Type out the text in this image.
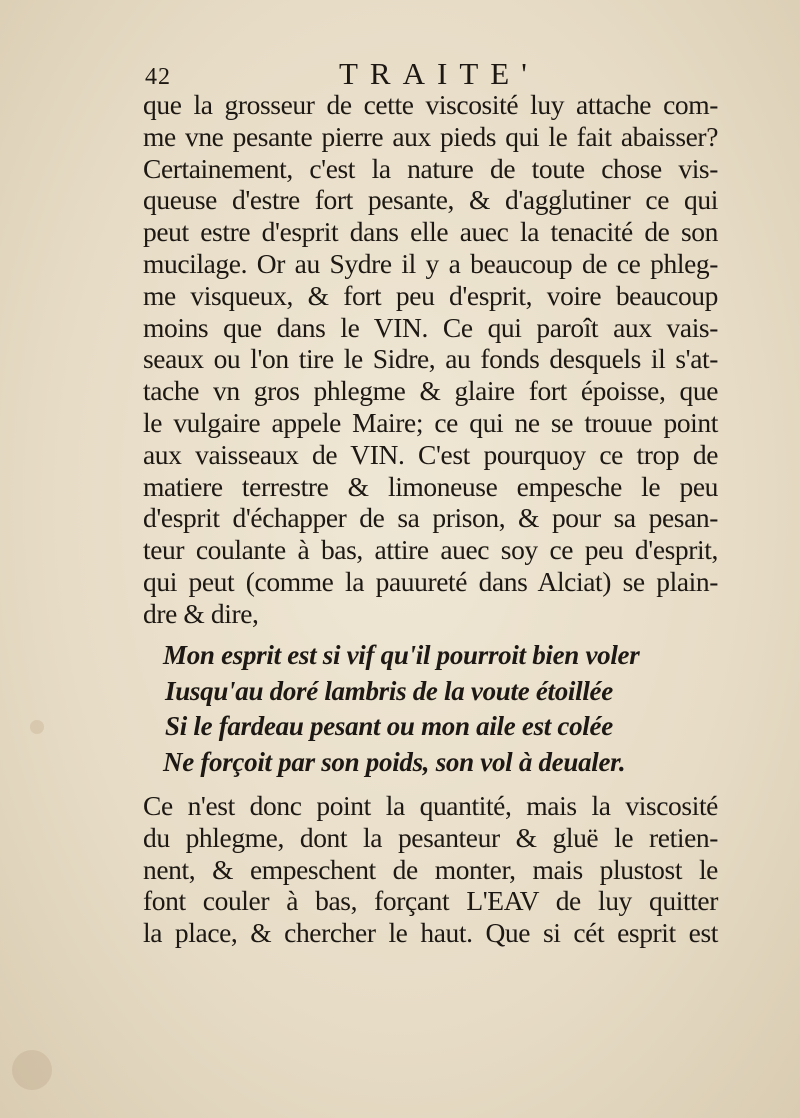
42	TRAITE'
que la grosseur de cette viscosité luy attache com-
me vne pesante pierre aux pieds qui le fait abaisser?
Certainement, c'est la nature de toute chose vis-
queuse d'estre fort pesante, & d'agglutiner ce qui
peut estre d'esprit dans elle auec la tenacité de son
mucilage. Or au Sydre il y a beaucoup de ce phleg-
me visqueux, & fort peu d'esprit, voire beaucoup
moins que dans le VIN. Ce qui paroît aux vais-
seaux ou l'on tire le Sidre, au fonds desquels il s'at-
tache vn gros phlegme & glaire fort époisse, que
le vulgaire appele Maire; ce qui ne se trouue point
aux vaisseaux de VIN. C'est pourquoy ce trop de
matiere terrestre & limoneuse empesche le peu
d'esprit d'échapper de sa prison, & pour sa pesan-
teur coulante à bas, attire auec soy ce peu d'esprit,
qui peut (comme la pauureté dans Alciat) se plain-
dre & dire,
Mon esprit est si vif qu'il pourroit bien voler
Iusqu'au doré lambris de la voute étoillée
Si le fardeau pesant ou mon aile est colée
Ne forçoit par son poids, son vol à deualer.
Ce n'est donc point la quantité, mais la viscosité
du phlegme, dont la pesanteur & gluë le retien-
nent, & empeschent de monter, mais plustost le
font couler à bas, forçant L'EAV de luy quitter
la place, & chercher le haut. Que si cét esprit est
